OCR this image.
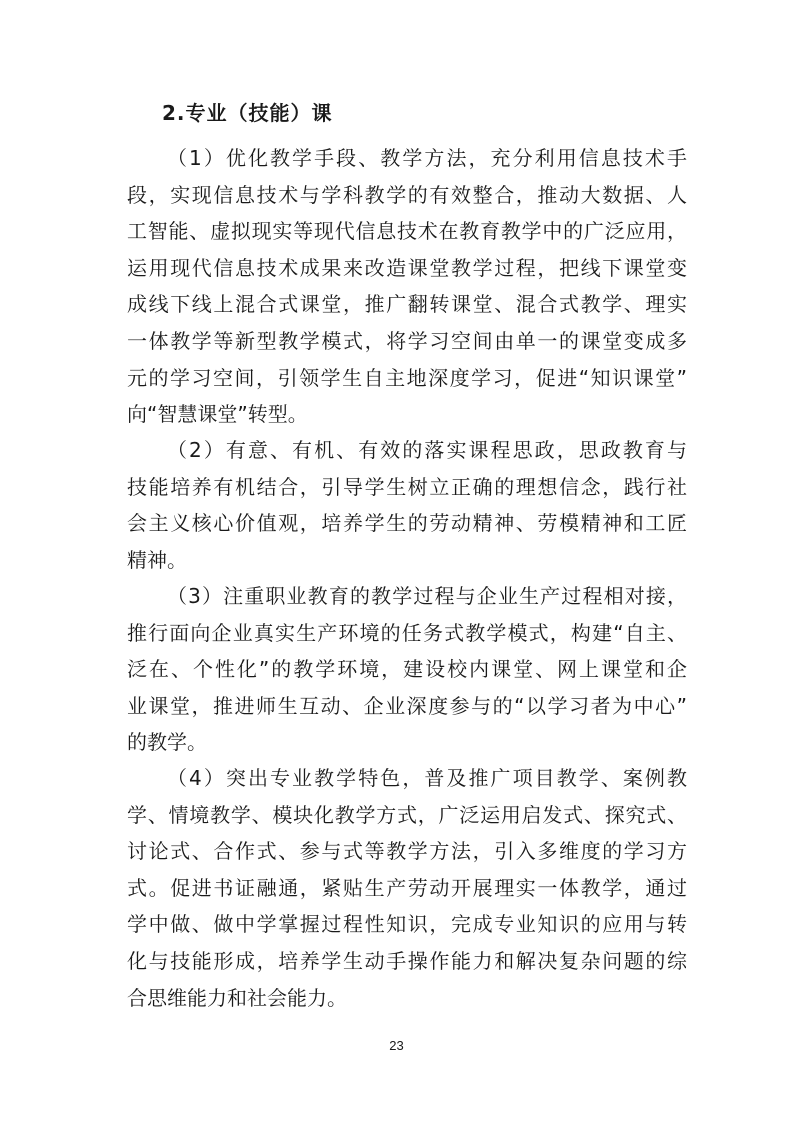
2.专业（技能）课
（1）优化教学手段、教学方法，充分利用信息技术手
段，实现信息技术与学科教学的有效整合，推动大数据、人
工智能、虚拟现实等现代信息技术在教育教学中的广泛应用，
运用现代信息技术成果来改造课堂教学过程，把线下课堂变
成线下线上混合式课堂，推广翻转课堂、混合式教学、理实
一体教学等新型教学模式，将学习空间由单一的课堂变成多
元的学习空间，引领学生自主地深度学习，促进“知识课堂”
向“智慧课堂”转型。
（2）有意、有机、有效的落实课程思政，思政教育与
技能培养有机结合，引导学生树立正确的理想信念，践行社
会主义核心价值观，培养学生的劳动精神、劳模精神和工匠
精神。
（3）注重职业教育的教学过程与企业生产过程相对接，
推行面向企业真实生产环境的任务式教学模式，构建“自主、
泛在、个性化”的教学环境，建设校内课堂、网上课堂和企
业课堂，推进师生互动、企业深度参与的“以学习者为中心”
的教学。
（4）突出专业教学特色，普及推广项目教学、案例教
学、情境教学、模块化教学方式，广泛运用启发式、探究式、
讨论式、合作式、参与式等教学方法，引入多维度的学习方
式。促进书证融通，紧贴生产劳动开展理实一体教学，通过
学中做、做中学掌握过程性知识，完成专业知识的应用与转
化与技能形成，培养学生动手操作能力和解决复杂问题的综
合思维能力和社会能力。
23
